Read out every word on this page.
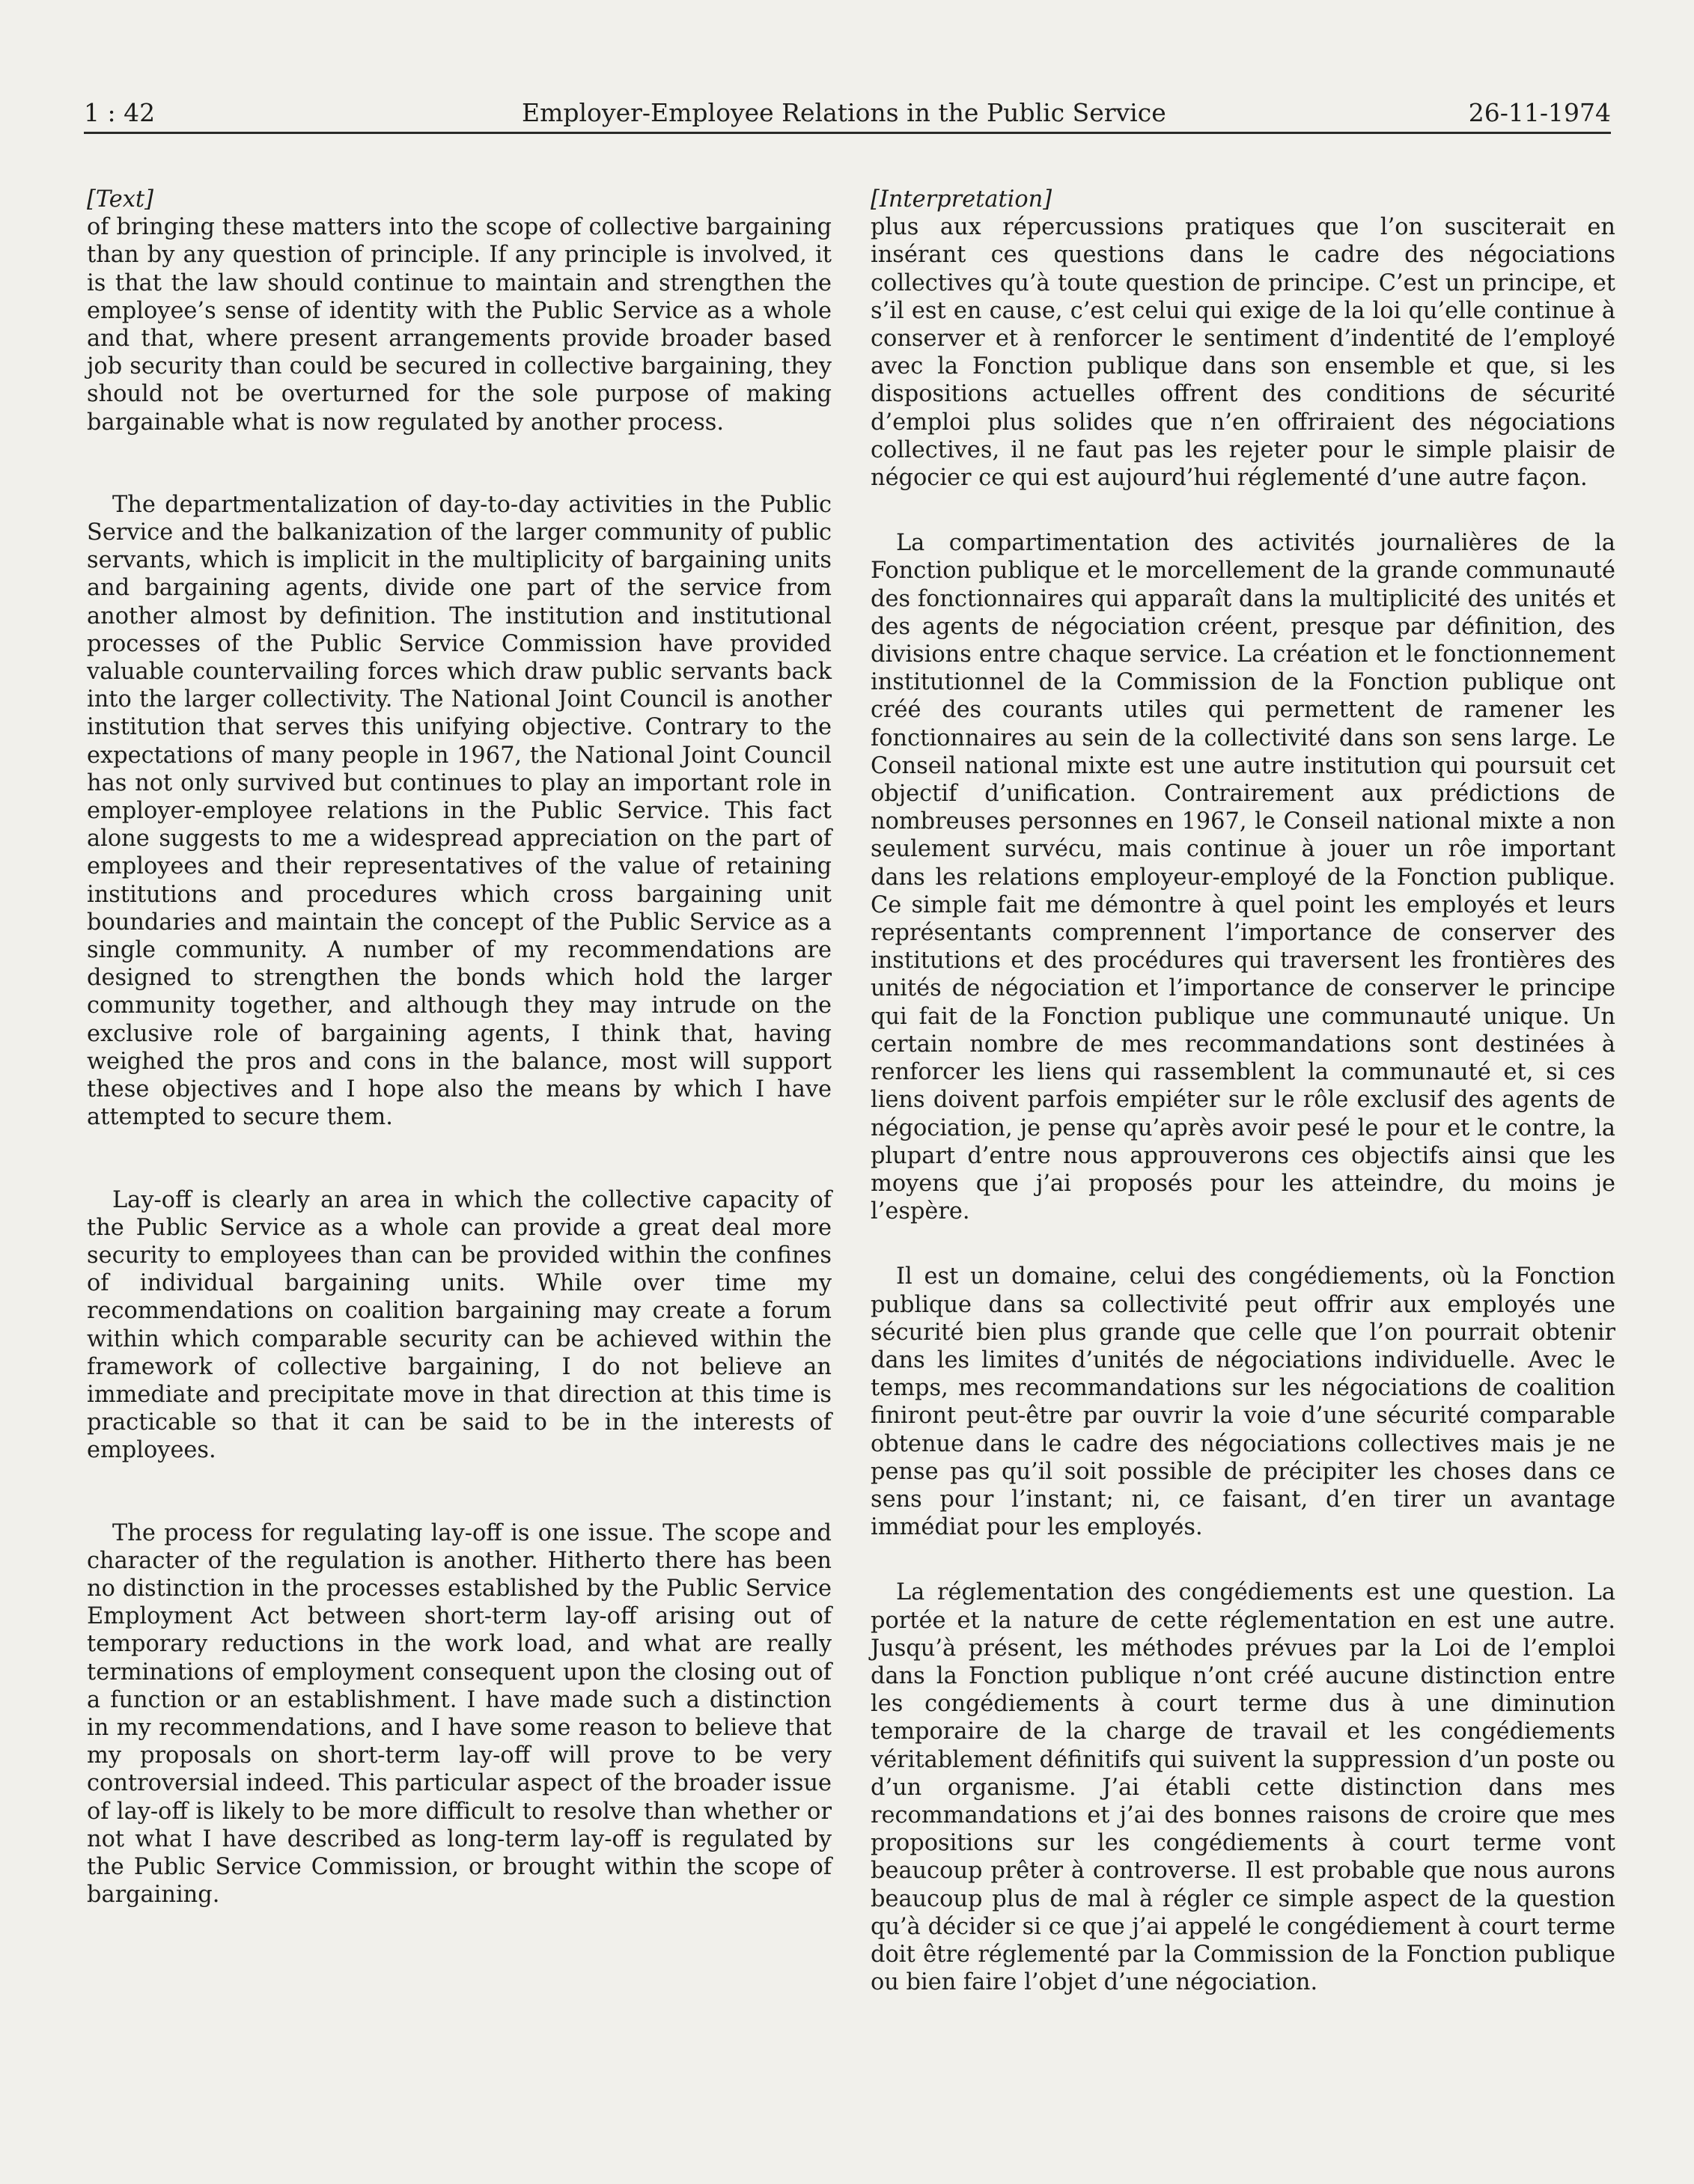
1 : 42	Employer-Employee Relations in the Public Service	26-11-1974

[Text]

of bringing these matters into the scope of collective bargaining than by any question of principle. If any principle is involved, it is that the law should continue to maintain and strengthen the employee’s sense of identity with the Public Service as a whole and that, where present arrangements provide broader based job security than could be secured in collective bargaining, they should not be overturned for the sole purpose of making bargainable what is now regulated by another process.

The departmentalization of day-to-day activities in the Public Service and the balkanization of the larger community of public servants, which is implicit in the multiplicity of bargaining units and bargaining agents, divide one part of the service from another almost by definition. The institution and institutional processes of the Public Service Commission have provided valuable countervailing forces which draw public servants back into the larger collectivity. The National Joint Council is another institution that serves this unifying objective. Contrary to the expectations of many people in 1967, the National Joint Council has not only survived but continues to play an important role in employer-employee relations in the Public Service. This fact alone suggests to me a widespread appreciation on the part of employees and their representatives of the value of retaining institutions and procedures which cross bargaining unit boundaries and maintain the concept of the Public Service as a single community. A number of my recommendations are designed to strengthen the bonds which hold the larger community together, and although they may intrude on the exclusive role of bargaining agents, I think that, having weighed the pros and cons in the balance, most will support these objectives and I hope also the means by which I have attempted to secure them.

Lay-off is clearly an area in which the collective capacity of the Public Service as a whole can provide a great deal more security to employees than can be provided within the confines of individual bargaining units. While over time my recommendations on coalition bargaining may create a forum within which comparable security can be achieved within the framework of collective bargaining, I do not believe an immediate and precipitate move in that direction at this time is practicable so that it can be said to be in the interests of employees.

The process for regulating lay-off is one issue. The scope and character of the regulation is another. Hitherto there has been no distinction in the processes established by the Public Service Employment Act between short-term lay-off arising out of temporary reductions in the work load, and what are really terminations of employment consequent upon the closing out of a function or an establishment. I have made such a distinction in my recommendations, and I have some reason to believe that my proposals on short-term lay-off will prove to be very controversial indeed. This particular aspect of the broader issue of lay-off is likely to be more difficult to resolve than whether or not what I have described as long-term lay-off is regulated by the Public Service Commission, or brought within the scope of bargaining.

[Interpretation]

plus aux répercussions pratiques que l’on susciterait en insérant ces questions dans le cadre des négociations collectives qu’à toute question de principe. C’est un principe, et s’il est en cause, c’est celui qui exige de la loi qu’elle continue à conserver et à renforcer le sentiment d’indentité de l’employé avec la Fonction publique dans son ensemble et que, si les dispositions actuelles offrent des conditions de sécurité d’emploi plus solides que n’en offriraient des négociations collectives, il ne faut pas les rejeter pour le simple plaisir de négocier ce qui est aujourd’hui réglementé d’une autre façon.

La compartimentation des activités journalières de la Fonction publique et le morcellement de la grande communauté des fonctionnaires qui apparaît dans la multiplicité des unités et des agents de négociation créent, presque par définition, des divisions entre chaque service. La création et le fonctionnement institutionnel de la Commission de la Fonction publique ont créé des courants utiles qui permettent de ramener les fonctionnaires au sein de la collectivité dans son sens large. Le Conseil national mixte est une autre institution qui poursuit cet objectif d’unification. Contrairement aux prédictions de nombreuses personnes en 1967, le Conseil national mixte a non seulement survécu, mais continue à jouer un rôe important dans les relations employeur-employé de la Fonction publique. Ce simple fait me démontre à quel point les employés et leurs représentants comprennent l’importance de conserver des institutions et des procédures qui traversent les frontières des unités de négociation et l’importance de conserver le principe qui fait de la Fonction publique une communauté unique. Un certain nombre de mes recommandations sont destinées à renforcer les liens qui rassemblent la communauté et, si ces liens doivent parfois empiéter sur le rôle exclusif des agents de négociation, je pense qu’après avoir pesé le pour et le contre, la plupart d’entre nous approuverons ces objectifs ainsi que les moyens que j’ai proposés pour les atteindre, du moins je l’espère.

Il est un domaine, celui des congédiements, où la Fonction publique dans sa collectivité peut offrir aux employés une sécurité bien plus grande que celle que l’on pourrait obtenir dans les limites d’unités de négociations individuelle. Avec le temps, mes recommandations sur les négociations de coalition finiront peut-être par ouvrir la voie d’une sécurité comparable obtenue dans le cadre des négociations collectives mais je ne pense pas qu’il soit possible de précipiter les choses dans ce sens pour l’instant; ni, ce faisant, d’en tirer un avantage immédiat pour les employés.

La réglementation des congédiements est une question. La portée et la nature de cette réglementation en est une autre. Jusqu’à présent, les méthodes prévues par la Loi de l’emploi dans la Fonction publique n’ont créé aucune distinction entre les congédiements à court terme dus à une diminution temporaire de la charge de travail et les congédiements véritablement définitifs qui suivent la suppression d’un poste ou d’un organisme. J’ai établi cette distinction dans mes recommandations et j’ai des bonnes raisons de croire que mes propositions sur les congédiements à court terme vont beaucoup prêter à controverse. Il est probable que nous aurons beaucoup plus de mal à régler ce simple aspect de la question qu’à décider si ce que j’ai appelé le congédiement à court terme doit être réglementé par la Commission de la Fonction publique ou bien faire l’objet d’une négociation.
